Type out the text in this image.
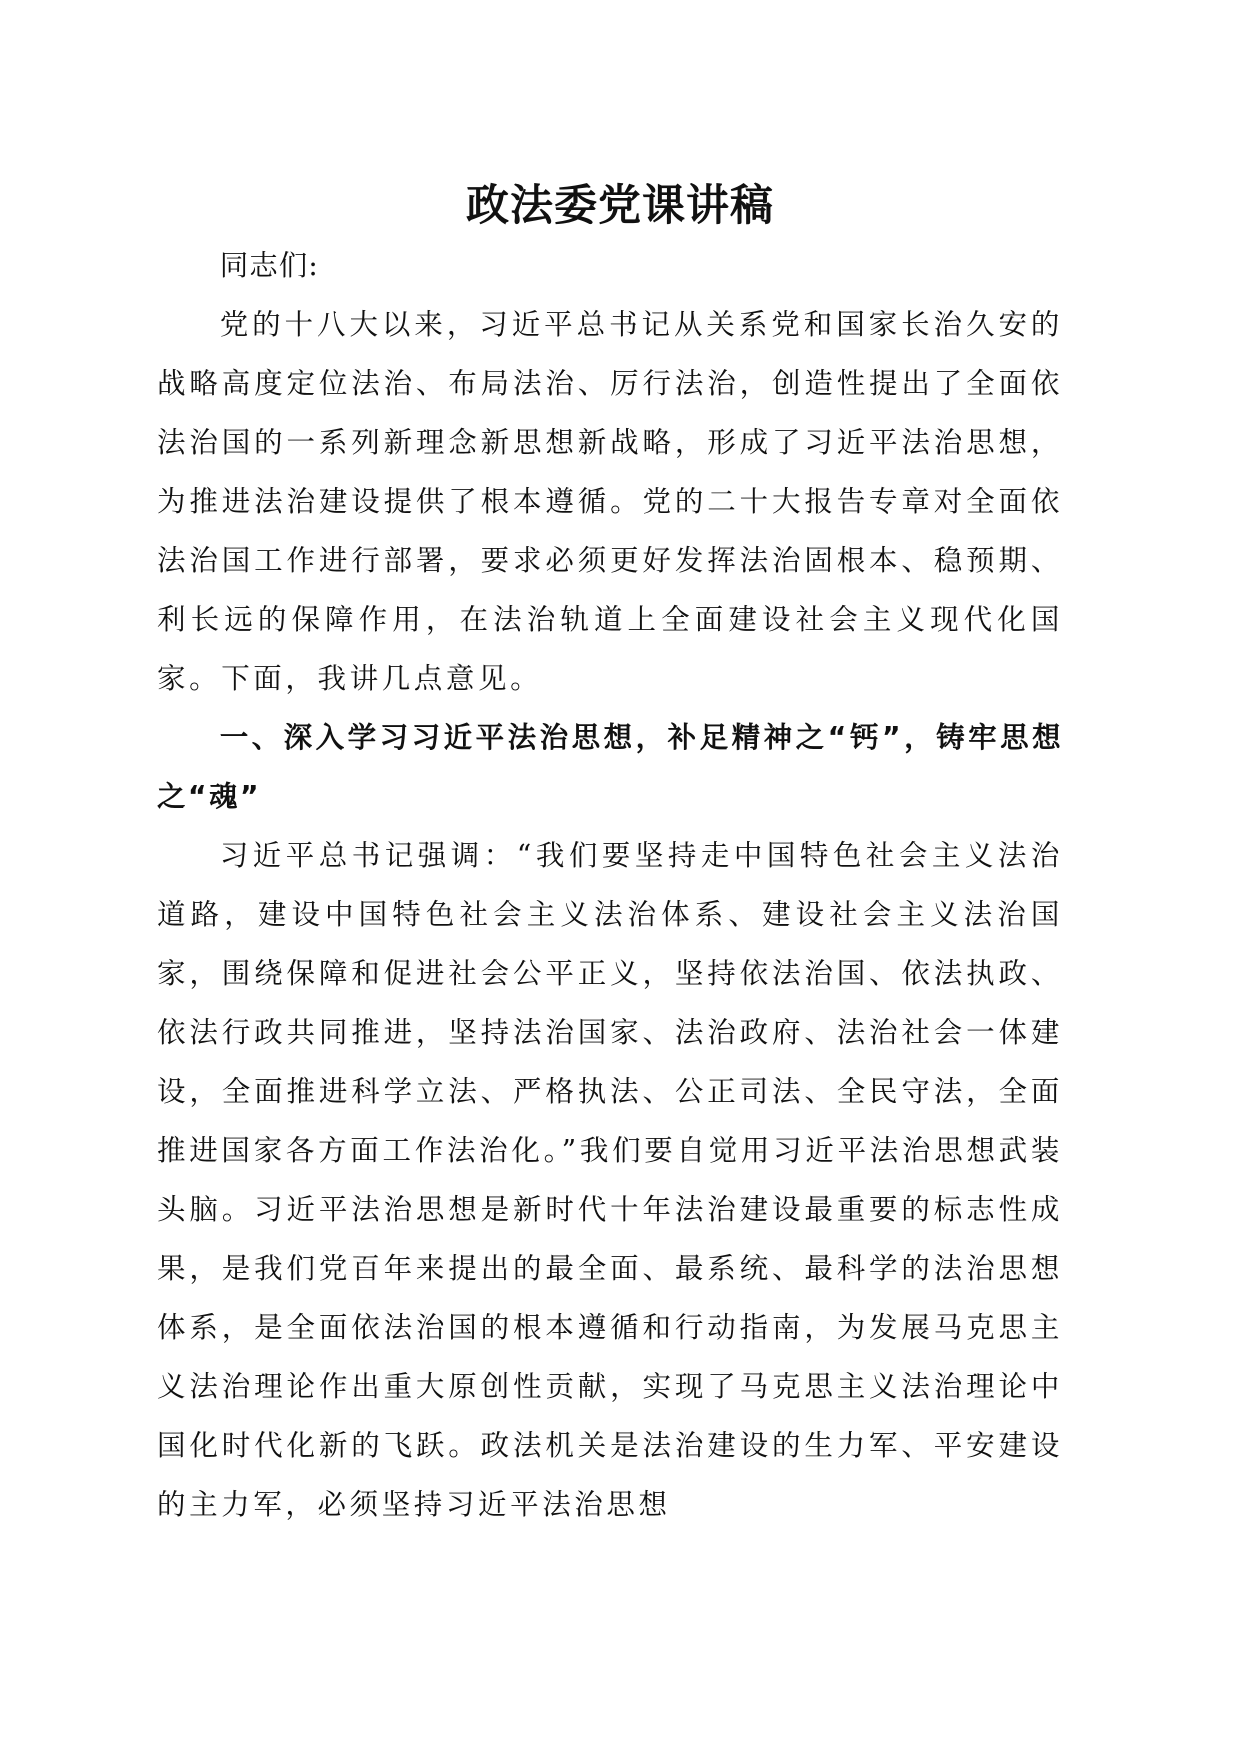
政法委党课讲稿

同志们:

党的十八大以来，习近平总书记从关系党和国家长治久安的战略高度定位法治、布局法治、厉行法治，创造性提出了全面依法治国的一系列新理念新思想新战略，形成了习近平法治思想，为推进法治建设提供了根本遵循。党的二十大报告专章对全面依法治国工作进行部署，要求必须更好发挥法治固根本、稳预期、利长远的保障作用，在法治轨道上全面建设社会主义现代化国家。下面，我讲几点意见。

一、深入学习习近平法治思想，补足精神之“钙”，铸牢思想之“魂”

习近平总书记强调：“我们要坚持走中国特色社会主义法治道路，建设中国特色社会主义法治体系、建设社会主义法治国家，围绕保障和促进社会公平正义，坚持依法治国、依法执政、依法行政共同推进，坚持法治国家、法治政府、法治社会一体建设，全面推进科学立法、严格执法、公正司法、全民守法，全面推进国家各方面工作法治化。”我们要自觉用习近平法治思想武装头脑。习近平法治思想是新时代十年法治建设最重要的标志性成果，是我们党百年来提出的最全面、最系统、最科学的法治思想体系，是全面依法治国的根本遵循和行动指南，为发展马克思主义法治理论作出重大原创性贡献，实现了马克思主义法治理论中国化时代化新的飞跃。政法机关是法治建设的生力军、平安建设的主力军，必须坚持习近平法治思想
